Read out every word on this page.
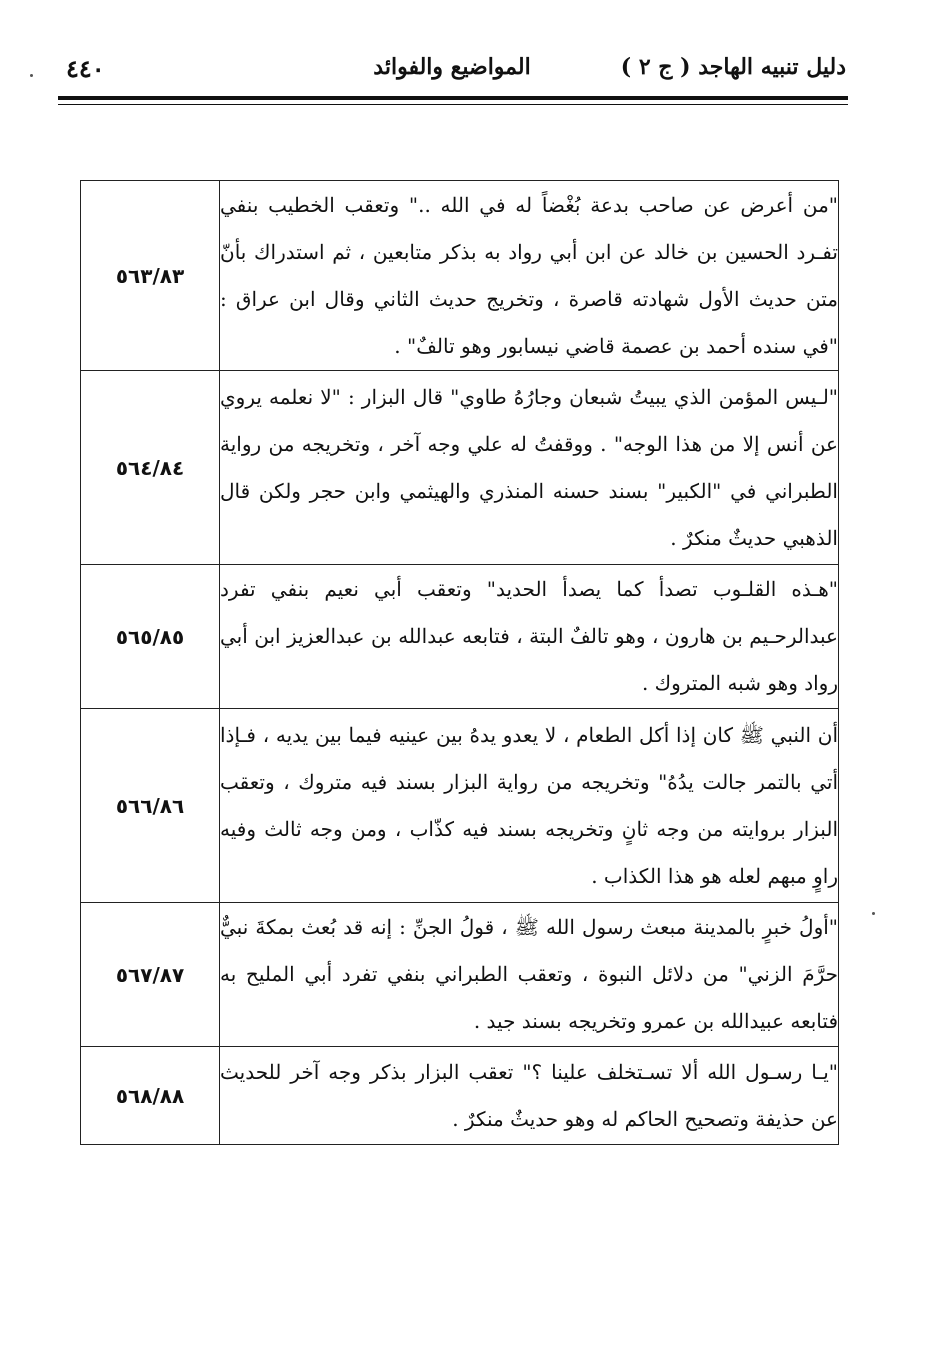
دليل تنبيه الهاجد ( ج ٢ )
المواضيع والفوائد
٤٤٠
"من أعرض عن صاحب بدعة بُغْضاً له في الله .." وتعقب الخطيب بنفي تفـرد الحسين بن خالد عن ابن أبي رواد به بذكر متابعين ، ثم استدراك بأنّ متن حديث الأول شهادته قاصرة ، وتخريج حديث الثاني وقال ابن عراق : "في سنده أحمد بن عصمة قاضي نيسابور وهو تالفٌ" .	٥٦٣/٨٣
"لـيس المؤمن الذي يبيتُ شبعان وجارُهُ طاوي" قال البزار : "لا نعلمه يروي عن أنس إلا من هذا الوجه" . ووقفتُ له علي وجه آخر ، وتخريجه من رواية الطبراني في "الكبير" بسند حسنه المنذري والهيثمي وابن حجر ولكن قال الذهبي حديثٌ منكرٌ .	٥٦٤/٨٤
"هـذه القلـوب تصدأ كما يصدأ الحديد" وتعقب أبي نعيم بنفي تفرد عبدالرحـيم بن هارون ، وهو تالفٌ البتة ، فتابعه عبدالله بن عبدالعزيز ابن أبي رواد وهو شبه المتروك .	٥٦٥/٨٥
أن النبي ﷺ كان إذا أكل الطعام ، لا يعدو يدهُ بين عينيه فيما بين يديه ، فـإذا أتي بالتمر جالت يدُهُ" وتخريجه من رواية البزار بسند فيه متروك ، وتعقب البزار بروايته من وجه ثانٍ وتخريجه بسند فيه كذّاب ، ومن وجه ثالث وفيه راوٍ مبهم لعله هو هذا الكذاب .	٥٦٦/٨٦
"أولُ خبرٍ بالمدينة مبعث رسول الله ﷺ ، قولُ الجنِّ : إنه قد بُعث بمكةَ نبيٌّ حرَّمَ الزني" من دلائل النبوة ، وتعقب الطبراني بنفي تفرد أبي المليح به فتابعه عبيدالله بن عمرو وتخريجه بسند جيد .	٥٦٧/٨٧
"يـا رسـول الله ألا تسـتخلف علينا ؟" تعقب البزار بذكر وجه آخر للحديث عن حذيفة وتصحيح الحاكم له وهو حديثٌ منكرٌ .	٥٦٨/٨٨
